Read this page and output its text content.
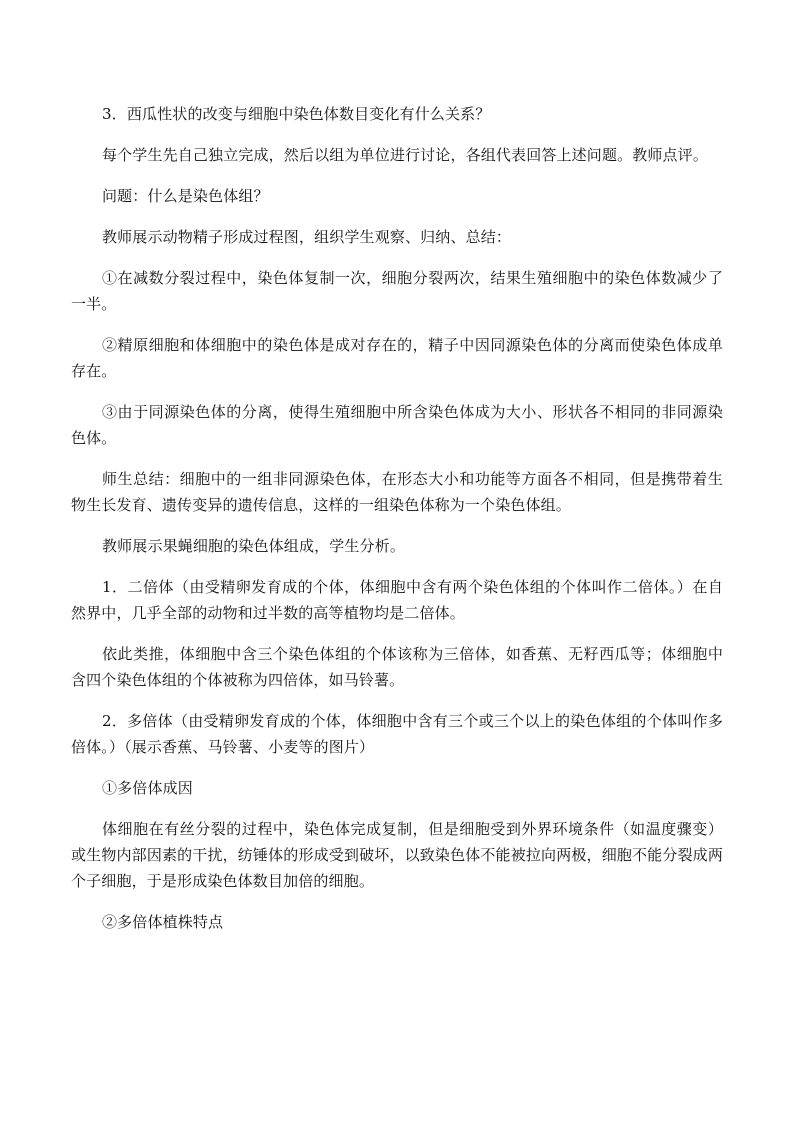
3．西瓜性状的改变与细胞中染色体数目变化有什么关系？

每个学生先自己独立完成，然后以组为单位进行讨论，各组代表回答上述问题。教师点评。

问题：什么是染色体组？

教师展示动物精子形成过程图，组织学生观察、归纳、总结：

①在减数分裂过程中，染色体复制一次，细胞分裂两次，结果生殖细胞中的染色体数减少了一半。

②精原细胞和体细胞中的染色体是成对存在的，精子中因同源染色体的分离而使染色体成单存在。

③由于同源染色体的分离，使得生殖细胞中所含染色体成为大小、形状各不相同的非同源染色体。

师生总结：细胞中的一组非同源染色体，在形态大小和功能等方面各不相同，但是携带着生物生长发育、遗传变异的遗传信息，这样的一组染色体称为一个染色体组。

教师展示果蝇细胞的染色体组成，学生分析。

1．二倍体（由受精卵发育成的个体，体细胞中含有两个染色体组的个体叫作二倍体。）在自然界中，几乎全部的动物和过半数的高等植物均是二倍体。

依此类推，体细胞中含三个染色体组的个体该称为三倍体，如香蕉、无籽西瓜等；体细胞中含四个染色体组的个体被称为四倍体，如马铃薯。

2．多倍体（由受精卵发育成的个体，体细胞中含有三个或三个以上的染色体组的个体叫作多倍体。）（展示香蕉、马铃薯、小麦等的图片）

①多倍体成因

体细胞在有丝分裂的过程中，染色体完成复制，但是细胞受到外界环境条件（如温度骤变）或生物内部因素的干扰，纺锤体的形成受到破坏，以致染色体不能被拉向两极，细胞不能分裂成两个子细胞，于是形成染色体数目加倍的细胞。

②多倍体植株特点
